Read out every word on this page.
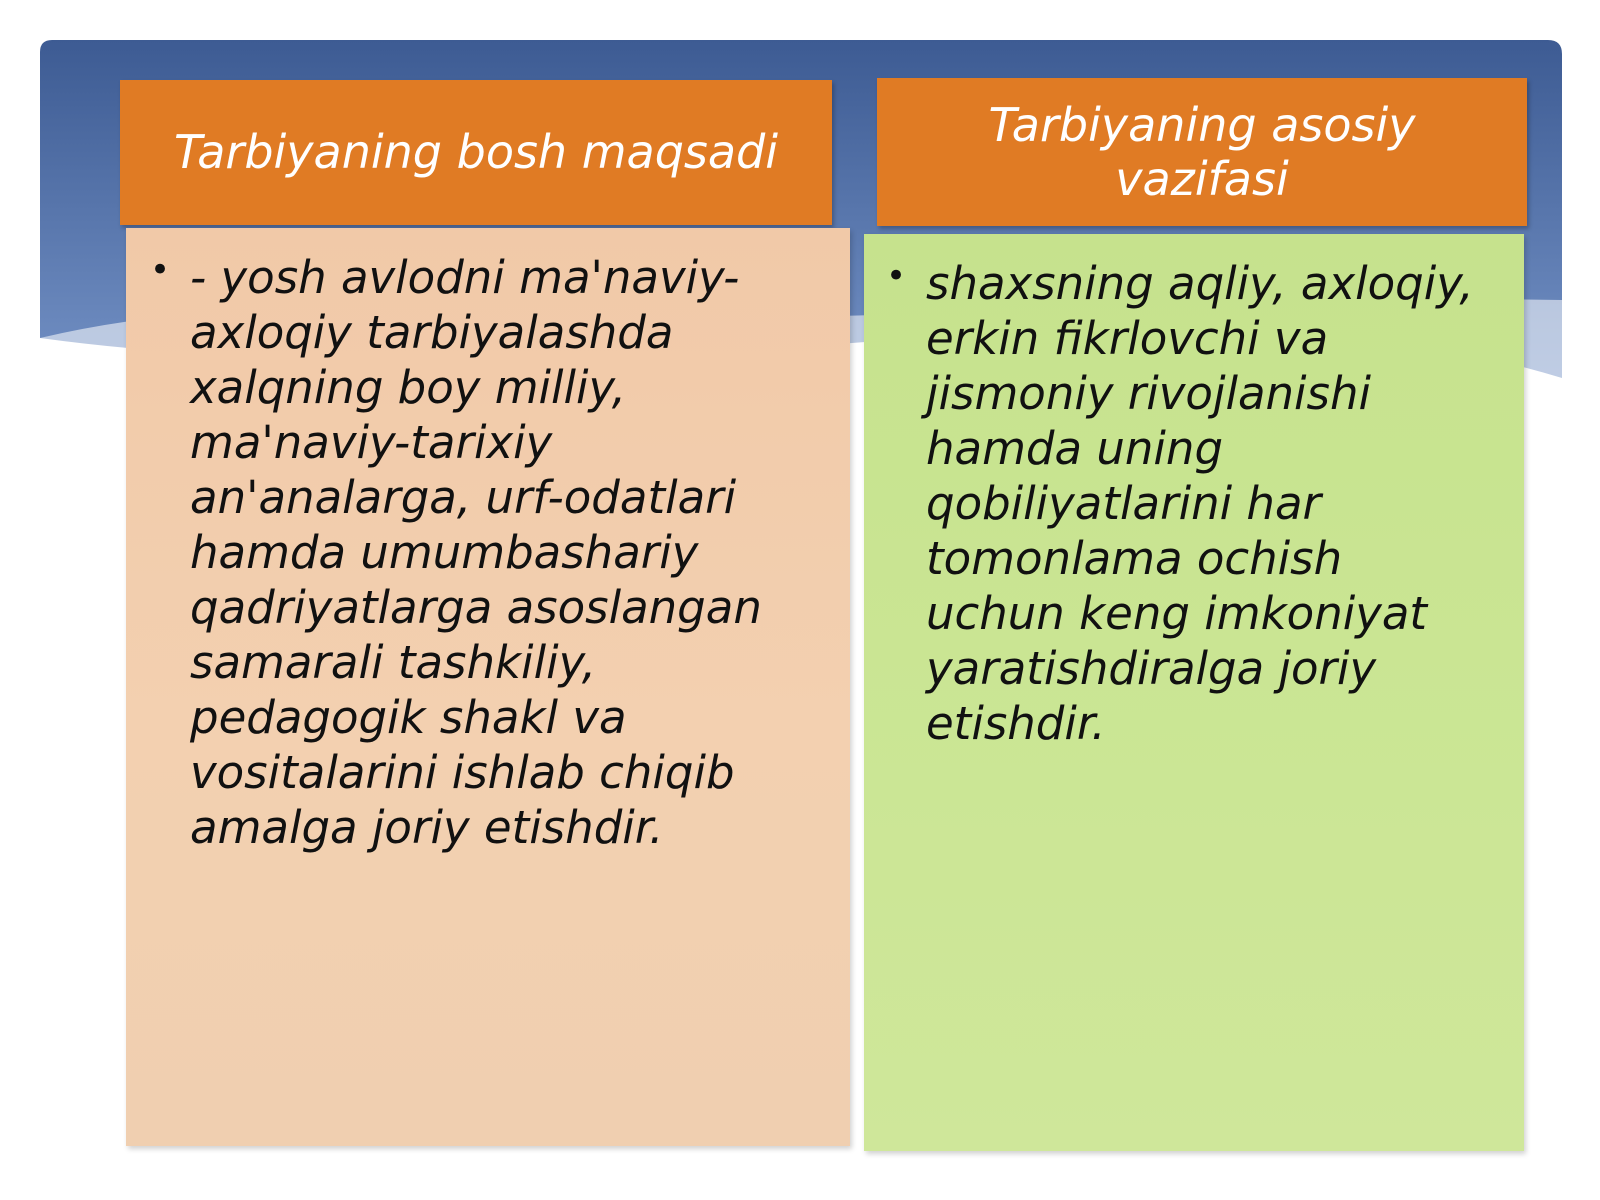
Tarbiyaning bosh maqsadi
Tarbiyaning asosiy
vazifasi
• - yosh avlodni ma'naviy-
axloqiy tarbiyalashda
xalqning boy milliy,
ma'naviy-tarixiy
an'analarga, urf-odatlari
hamda umumbashariy
qadriyatlarga asoslangan
samarali tashkiliy,
pedagogik shakl va
vositalarini ishlab chiqib
amalga joriy etishdir.
• shaxsning aqliy, axloqiy,
erkin fikrlovchi va
jismoniy rivojlanishi
hamda uning
qobiliyatlarini har
tomonlama ochish
uchun keng imkoniyat
yaratishdiralga joriy
etishdir.
